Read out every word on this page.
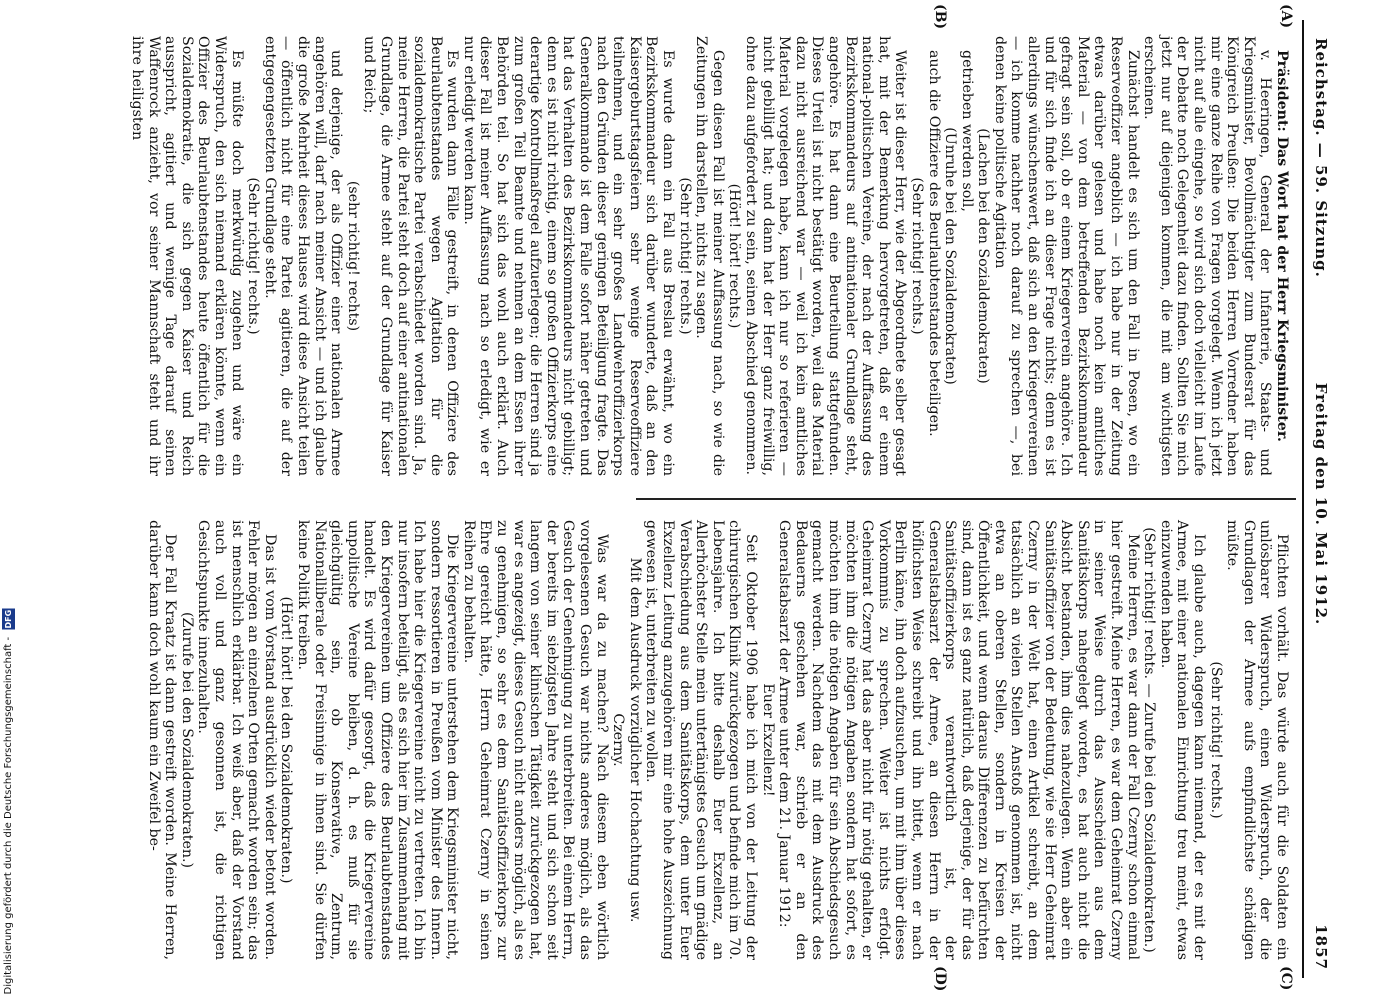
Reichstag. — 59. Sitzung.
Freitag den 10. Mai 1912.
1857
(A)
(B)
(C)
(D)

Präsident: Das Wort hat der Herr Kriegsminister.

v. Heeringen, General der Infanterie, Staats- und Kriegsminister, Bevollmächtigter zum Bundesrat für das Königreich Preußen: Die beiden Herren Vorredner haben mir eine ganze Reihe von Fragen vorgelegt. Wenn ich jetzt nicht auf alle eingehe, so wird sich doch vielleicht im Laufe der Debatte noch Gelegenheit dazu finden. Sollten Sie mich jetzt nur auf diejenigen kommen, die mit am wichtigsten erscheinen.

Zunächst handelt es sich um den Fall in Posen, wo ein Reserveoffizier angeblich — ich habe nur in der Zeitung etwas darüber gelesen und habe noch kein amtliches Material — von dem betreffenden Bezirkskommandeur gefragt sein soll, ob er einem Kriegerverein angehöre. Ich und für sich finde ich an dieser Frage nichts; denn es ist allerdings wünschenswert, daß sich an den Kriegervereinen — ich komme nachher noch darauf zu sprechen —, bei denen keine politische Agitation

(Lachen bei den Sozialdemokraten)

getrieben werden soll,

(Unruhe bei den Sozialdemokraten)

auch die Offiziere des Beurlaubtenstandes beteiligen.

(Sehr richtig! rechts.)

Weiter ist dieser Herr, wie der Abgeordnete selber gesagt hat, mit der Bemerkung hervorgetreten, daß er einem national-politischen Vereine, der nach der Auffassung des Bezirkskommandeurs auf antinationaler Grundlage steht, angehöre. Es hat dann eine Beurteilung stattgefunden. Dieses Urteil ist nicht bestätigt worden, weil das Material dazu nicht ausreichend war — weil ich kein amtliches Material vorgelegen habe, kann ich nur so referieren — nicht gebilligt hat; und dann hat der Herr ganz freiwillig, ohne dazu aufgefordert zu sein, seinen Abschied genommen.

(Hört! hört! rechts.)

Gegen diesen Fall ist meiner Auffassung nach, so wie die Zeitungen ihn darstellen, nichts zu sagen.

(Sehr richtig! rechts.)

Es wurde dann ein Fall aus Breslau erwähnt, wo ein Bezirkskommandeur sich darüber wunderte, daß an den Kaisergeburtstagsfeiern sehr wenige Reserveoffiziere teilnehmen, und ein sehr großes Landwehroffizierkorps nach den Gründen dieser geringen Beteiligung fragte. Das Generalkommando ist dem Falle sofort näher getreten und hat das Verhalten des Bezirkskommandeurs nicht gebilligt; denn es ist nicht richtig, einem so großen Offizierkorps eine derartige Kontrollmaßregel aufzuerlegen; die Herren sind ja zum großen Teil Beamte und nehmen an dem Essen ihrer Behörden teil. So hat sich das wohl auch erklärt. Auch dieser Fall ist meiner Auffassung nach so erledigt, wie er nur erledigt werden kann.

Es wurden dann Fälle gestreift, in denen Offiziere des Beurlaubtenstandes wegen Agitation für die sozialdemokratische Partei verabschiedet worden sind. Ja, meine Herren, die Partei steht doch auf einer antinationalen Grundlage, die Armee steht auf der Grundlage für Kaiser und Reich;

(sehr richtig! rechts)

und derjenige, der als Offizier einer nationalen Armee angehören will, darf nach meiner Ansicht — und ich glaube die große Mehrheit dieses Hauses wird diese Ansicht teilen — öffentlich nicht für eine Partei agitieren, die auf der entgegengesetzten Grundlage steht.

(Sehr richtig! rechts.)

Es müßte doch merkwürdig zugehen und wäre ein Widerspruch, den sich niemand erklären könnte, wenn ein Offizier des Beurlaubtenstandes heute öffentlich für die Sozialdemokratie, die sich gegen Kaiser und Reich ausspricht, agitiert und wenige Tage darauf seinen Waffenrock anzieht, vor seiner Mannschaft steht und ihr ihre heiligsten

Pflichten vorhält. Das würde auch für die Soldaten ein unlösbarer Widerspruch, einen Widerspruch, der die Grundlagen der Armee aufs empfindlichste schädigen müßte.

(Sehr richtig! rechts.)

Ich glaube auch, dagegen kann niemand, der es mit der Armee, mit einer nationalen Einrichtung treu meint, etwas einzuwenden haben.

(Sehr richtig! rechts. — Zurufe bei den Sozialdemokraten.)

Meine Herren, es war dann der Fall Czerny schon einmal hier gestreift. Meine Herren, es war dem Geheimrat Czerny in seiner Weise durch das Ausscheiden aus dem Sanitätskorps nahegelegt worden, es hat auch nicht die Absicht bestanden, ihm dies nahezulegen. Wenn aber ein Sanitätsoffizier von der Bedeutung, wie sie Herr Geheimrat Czerny in der Welt hat, einen Artikel schreibt, an dem tatsächlich an vielen Stellen Anstoß genommen ist, nicht etwa an oberen Stellen, sondern in Kreisen der Öffentlichkeit, und wenn daraus Differenzen zu befürchten sind, dann ist es ganz natürlich, daß derjenige, der für das Sanitätsoffizierkorps verantwortlich ist, der Generalstabsarzt der Armee, an diesen Herrn in der höflichsten Weise schreibt und ihn bittet, wenn er nach Berlin käme, ihn doch aufzusuchen, um mit ihm über dieses Vorkommnis zu sprechen. Weiter ist nichts erfolgt. Geheimrat Czerny hat das aber nicht für nötig gehalten, er möchten ihm die nötigen Angaben sondern hat sofort, es möchten ihm die nötigen Angaben für sein Abschiedsgesuch gemacht werden. Nachdem das mit dem Ausdruck des Bedauerns geschehen war, schrieb er an den Generalstabsarzt der Armee unter dem 21. Januar 1912:

Euer Exzellenz!

Seit Oktober 1906 habe ich mich von der Leitung der chirurgischen Klinik zurückgezogen und befinde mich im 70. Lebensjahre. Ich bitte deshalb Euer Exzellenz, an Allerhöchster Stelle mein untertänigstes Gesuch um gnädige Verabschiedung aus dem Sanitätskorps, dem unter Euer Exzellenz Leitung anzugehören mir eine hohe Auszeichnung gewesen ist, unterbreiten zu wollen.

Mit dem Ausdruck vorzüglicher Hochachtung usw.

Czerny.

Was war da zu machen? Nach diesem eben wörtlich vorgelesenen Gesuch war nichts anderes möglich, als das Gesuch der Genehmigung zu unterbreiten. Bei einem Herrn, der bereits im siebzigsten Jahre steht und sich schon seit langem von seiner klinischen Tätigkeit zurückgezogen hat, war es angezeigt, dieses Gesuch nicht anders möglich, als es zu genehmigen, so sehr es dem Sanitätsoffizierkorps zur Ehre gereicht hätte, Herrn Geheimrat Czerny in seinen Reihen zu behalten.

Die Kriegervereine unterstehen dem Kriegsminister nicht, sondern ressortieren in Preußen vom Minister des Innern. Ich habe hier die Kriegervereine nicht zu vertreten. Ich bin nur insofern beteiligt, als es sich hier im Zusammenhang mit den Kriegervereinen um Offiziere des Beurlaubtenstandes handelt. Es wird dafür gesorgt, daß die Kriegervereine unpolitische Vereine bleiben, d. h. es muß für sie gleichgültig sein, ob Konservative, Zentrum, Nationalliberale oder Freisinnige in ihnen sind. Sie dürfen keine Politik treiben.

(Hört! hört! bei den Sozialdemokraten.)

Das ist vom Vorstand ausdrücklich wieder betont worden. Fehler mögen an einzelnen Orten gemacht worden sein; das ist menschlich erklärbar. Ich weiß aber, daß der Vorstand auch voll und ganz gesonnen ist, die richtigen Gesichtspunkte innezuhalten.

(Zurufe bei den Sozialdemokraten.)

Der Fall Kraatz ist dann gestreift worden. Meine Herren, darüber kann doch wohl kaum ein Zweifel be-

Digitalisierung gefördert durch die Deutsche Forschungsgemeinschaft - DFG
